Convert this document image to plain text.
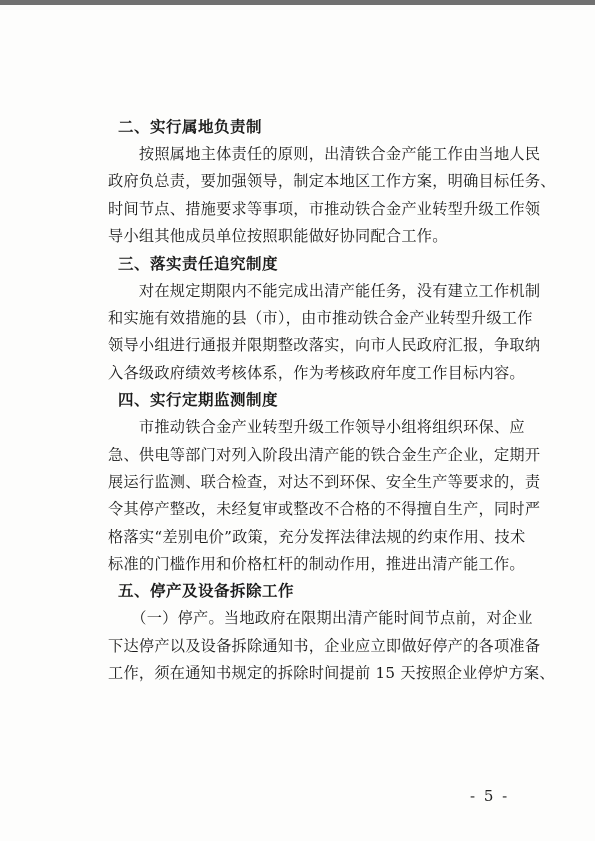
二、实行属地负责制
　　按照属地主体责任的原则，出清铁合金产能工作由当地人民
政府负总责，要加强领导，制定本地区工作方案，明确目标任务、
时间节点、措施要求等事项，市推动铁合金产业转型升级工作领
导小组其他成员单位按照职能做好协同配合工作。
三、落实责任追究制度
　　对在规定期限内不能完成出清产能任务，没有建立工作机制
和实施有效措施的县（市），由市推动铁合金产业转型升级工作
领导小组进行通报并限期整改落实，向市人民政府汇报，争取纳
入各级政府绩效考核体系，作为考核政府年度工作目标内容。
四、实行定期监测制度
　　市推动铁合金产业转型升级工作领导小组将组织环保、应
急、供电等部门对列入阶段出清产能的铁合金生产企业，定期开
展运行监测、联合检查，对达不到环保、安全生产等要求的，责
令其停产整改，未经复审或整改不合格的不得擅自生产，同时严
格落实“差别电价”政策，充分发挥法律法规的约束作用、技术
标准的门槛作用和价格杠杆的制动作用，推进出清产能工作。
五、停产及设备拆除工作
　　（一）停产。当地政府在限期出清产能时间节点前，对企业
下达停产以及设备拆除通知书，企业应立即做好停产的各项准备
工作，须在通知书规定的拆除时间提前 15 天按照企业停炉方案、
- 5 -
